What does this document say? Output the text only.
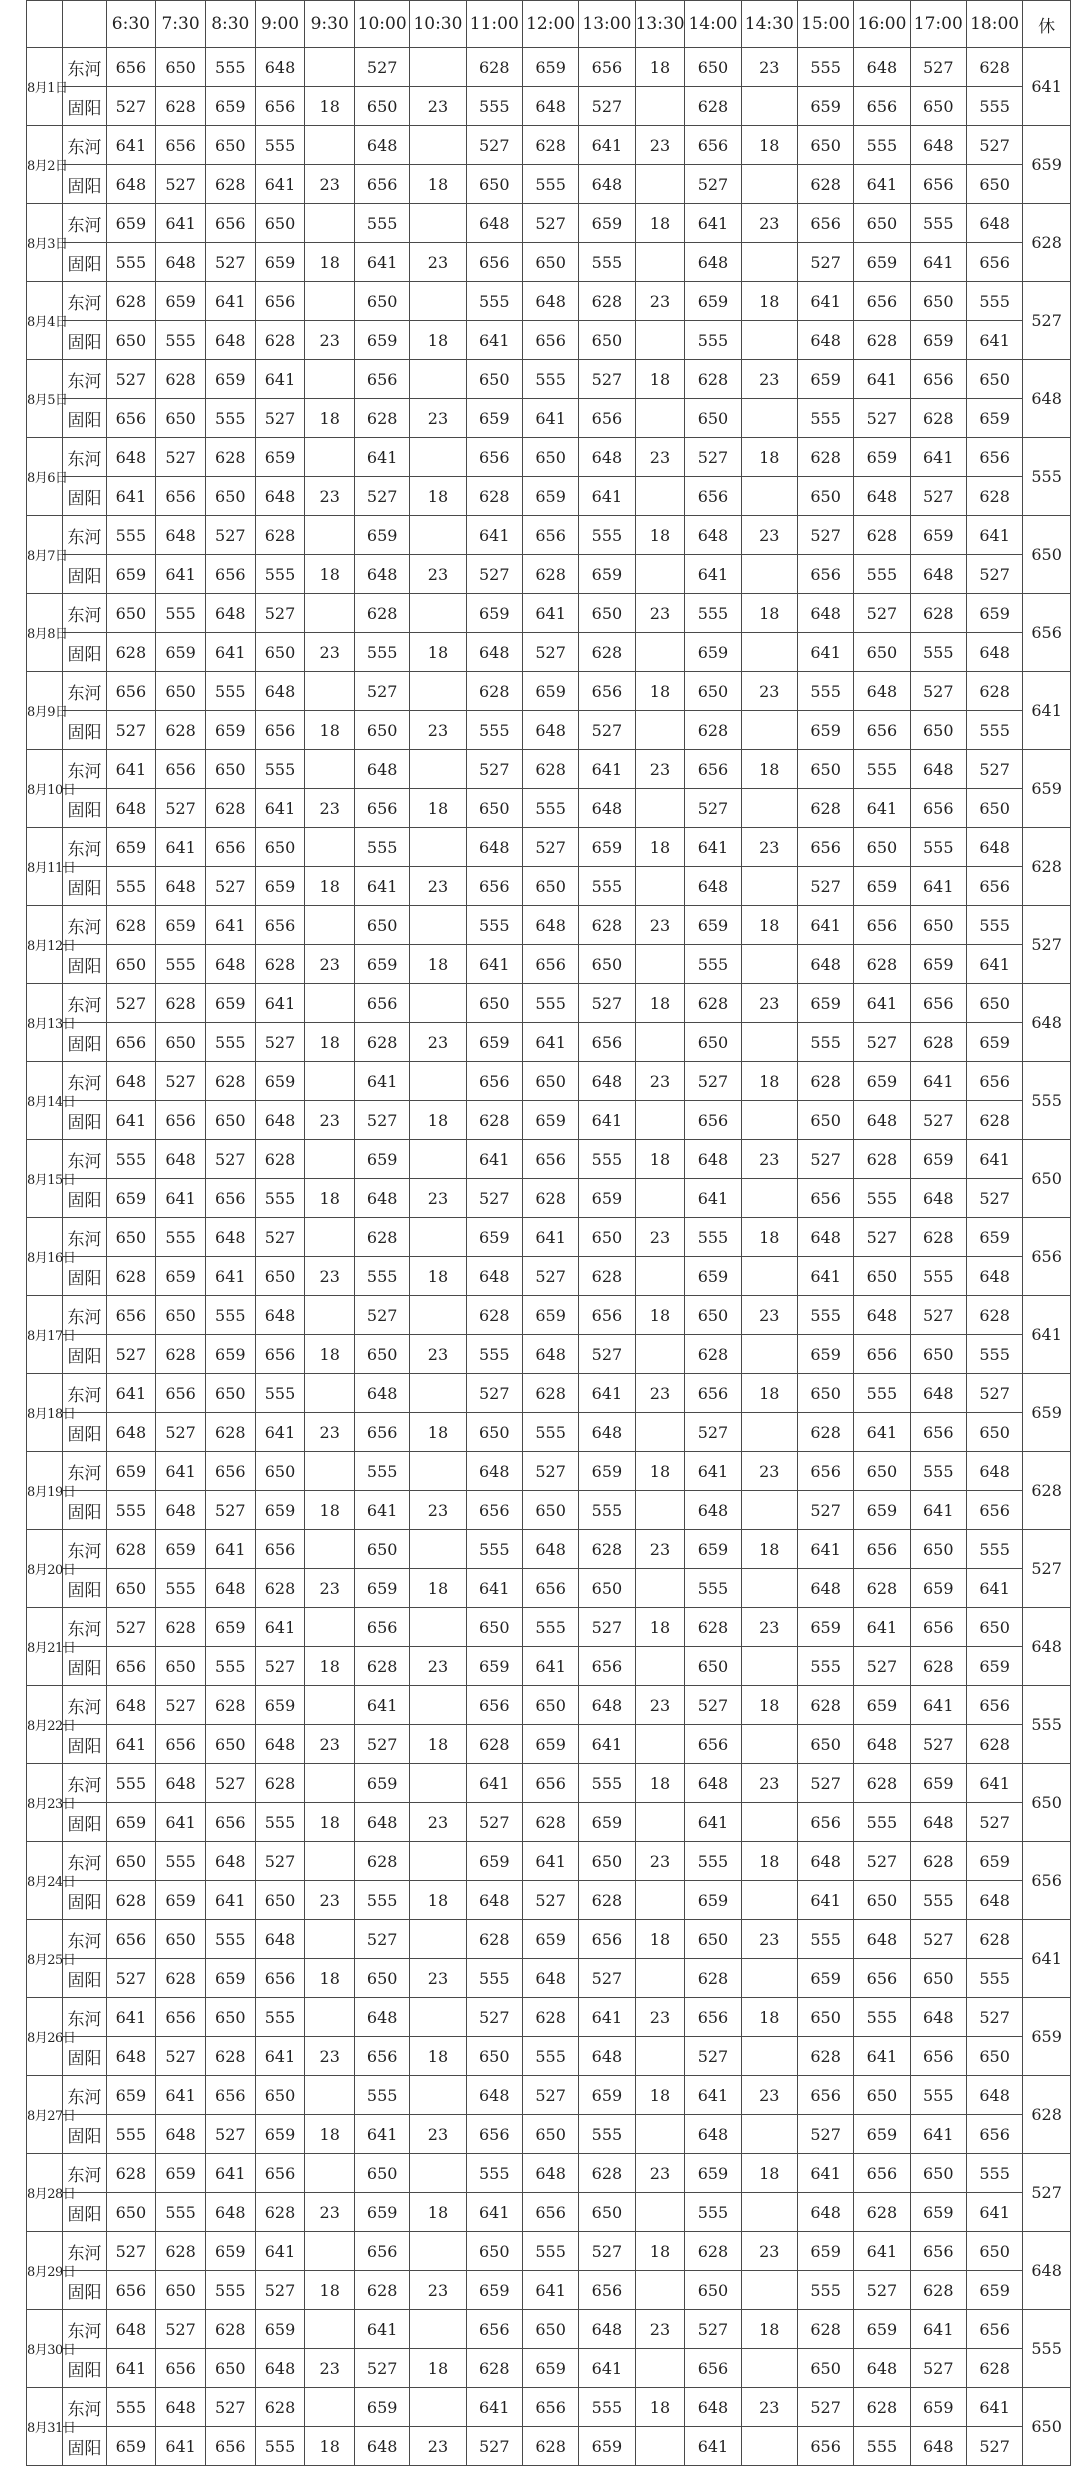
		6:30	7:30	8:30	9:00	9:30	10:00	10:30	11:00	12:00	13:00	13:30	14:00	14:30	15:00	16:00	17:00	18:00	休
8月1日	东河	656	650	555	648		527		628	659	656	18	650	23	555	648	527	628	641
	固阳	527	628	659	656	18	650	23	555	648	527		628		659	656	650	555	
8月2日	东河	641	656	650	555		648		527	628	641	23	656	18	650	555	648	527	659
	固阳	648	527	628	641	23	656	18	650	555	648		527		628	641	656	650	
8月3日	东河	659	641	656	650		555		648	527	659	18	641	23	656	650	555	648	628
	固阳	555	648	527	659	18	641	23	656	650	555		648		527	659	641	656	
8月4日	东河	628	659	641	656		650		555	648	628	23	659	18	641	656	650	555	527
	固阳	650	555	648	628	23	659	18	641	656	650		555		648	628	659	641	
8月5日	东河	527	628	659	641		656		650	555	527	18	628	23	659	641	656	650	648
	固阳	656	650	555	527	18	628	23	659	641	656		650		555	527	628	659	
8月6日	东河	648	527	628	659		641		656	650	648	23	527	18	628	659	641	656	555
	固阳	641	656	650	648	23	527	18	628	659	641		656		650	648	527	628	
8月7日	东河	555	648	527	628		659		641	656	555	18	648	23	527	628	659	641	650
	固阳	659	641	656	555	18	648	23	527	628	659		641		656	555	648	527	
8月8日	东河	650	555	648	527		628		659	641	650	23	555	18	648	527	628	659	656
	固阳	628	659	641	650	23	555	18	648	527	628		659		641	650	555	648	
8月9日	东河	656	650	555	648		527		628	659	656	18	650	23	555	648	527	628	641
	固阳	527	628	659	656	18	650	23	555	648	527		628		659	656	650	555	
8月10日	东河	641	656	650	555		648		527	628	641	23	656	18	650	555	648	527	659
	固阳	648	527	628	641	23	656	18	650	555	648		527		628	641	656	650	
8月11日	东河	659	641	656	650		555		648	527	659	18	641	23	656	650	555	648	628
	固阳	555	648	527	659	18	641	23	656	650	555		648		527	659	641	656	
8月12日	东河	628	659	641	656		650		555	648	628	23	659	18	641	656	650	555	527
	固阳	650	555	648	628	23	659	18	641	656	650		555		648	628	659	641	
8月13日	东河	527	628	659	641		656		650	555	527	18	628	23	659	641	656	650	648
	固阳	656	650	555	527	18	628	23	659	641	656		650		555	527	628	659	
8月14日	东河	648	527	628	659		641		656	650	648	23	527	18	628	659	641	656	555
	固阳	641	656	650	648	23	527	18	628	659	641		656		650	648	527	628	
8月15日	东河	555	648	527	628		659		641	656	555	18	648	23	527	628	659	641	650
	固阳	659	641	656	555	18	648	23	527	628	659		641		656	555	648	527	
8月16日	东河	650	555	648	527		628		659	641	650	23	555	18	648	527	628	659	656
	固阳	628	659	641	650	23	555	18	648	527	628		659		641	650	555	648	
8月17日	东河	656	650	555	648		527		628	659	656	18	650	23	555	648	527	628	641
	固阳	527	628	659	656	18	650	23	555	648	527		628		659	656	650	555	
8月18日	东河	641	656	650	555		648		527	628	641	23	656	18	650	555	648	527	659
	固阳	648	527	628	641	23	656	18	650	555	648		527		628	641	656	650	
8月19日	东河	659	641	656	650		555		648	527	659	18	641	23	656	650	555	648	628
	固阳	555	648	527	659	18	641	23	656	650	555		648		527	659	641	656	
8月20日	东河	628	659	641	656		650		555	648	628	23	659	18	641	656	650	555	527
	固阳	650	555	648	628	23	659	18	641	656	650		555		648	628	659	641	
8月21日	东河	527	628	659	641		656		650	555	527	18	628	23	659	641	656	650	648
	固阳	656	650	555	527	18	628	23	659	641	656		650		555	527	628	659	
8月22日	东河	648	527	628	659		641		656	650	648	23	527	18	628	659	641	656	555
	固阳	641	656	650	648	23	527	18	628	659	641		656		650	648	527	628	
8月23日	东河	555	648	527	628		659		641	656	555	18	648	23	527	628	659	641	650
	固阳	659	641	656	555	18	648	23	527	628	659		641		656	555	648	527	
8月24日	东河	650	555	648	527		628		659	641	650	23	555	18	648	527	628	659	656
	固阳	628	659	641	650	23	555	18	648	527	628		659		641	650	555	648	
8月25日	东河	656	650	555	648		527		628	659	656	18	650	23	555	648	527	628	641
	固阳	527	628	659	656	18	650	23	555	648	527		628		659	656	650	555	
8月26日	东河	641	656	650	555		648		527	628	641	23	656	18	650	555	648	527	659
	固阳	648	527	628	641	23	656	18	650	555	648		527		628	641	656	650	
8月27日	东河	659	641	656	650		555		648	527	659	18	641	23	656	650	555	648	628
	固阳	555	648	527	659	18	641	23	656	650	555		648		527	659	641	656	
8月28日	东河	628	659	641	656		650		555	648	628	23	659	18	641	656	650	555	527
	固阳	650	555	648	628	23	659	18	641	656	650		555		648	628	659	641	
8月29日	东河	527	628	659	641		656		650	555	527	18	628	23	659	641	656	650	648
	固阳	656	650	555	527	18	628	23	659	641	656		650		555	527	628	659	
8月30日	东河	648	527	628	659		641		656	650	648	23	527	18	628	659	641	656	555
	固阳	641	656	650	648	23	527	18	628	659	641		656		650	648	527	628	
8月31日	东河	555	648	527	628		659		641	656	555	18	648	23	527	628	659	641	650
	固阳	659	641	656	555	18	648	23	527	628	659		641		656	555	648	527	
